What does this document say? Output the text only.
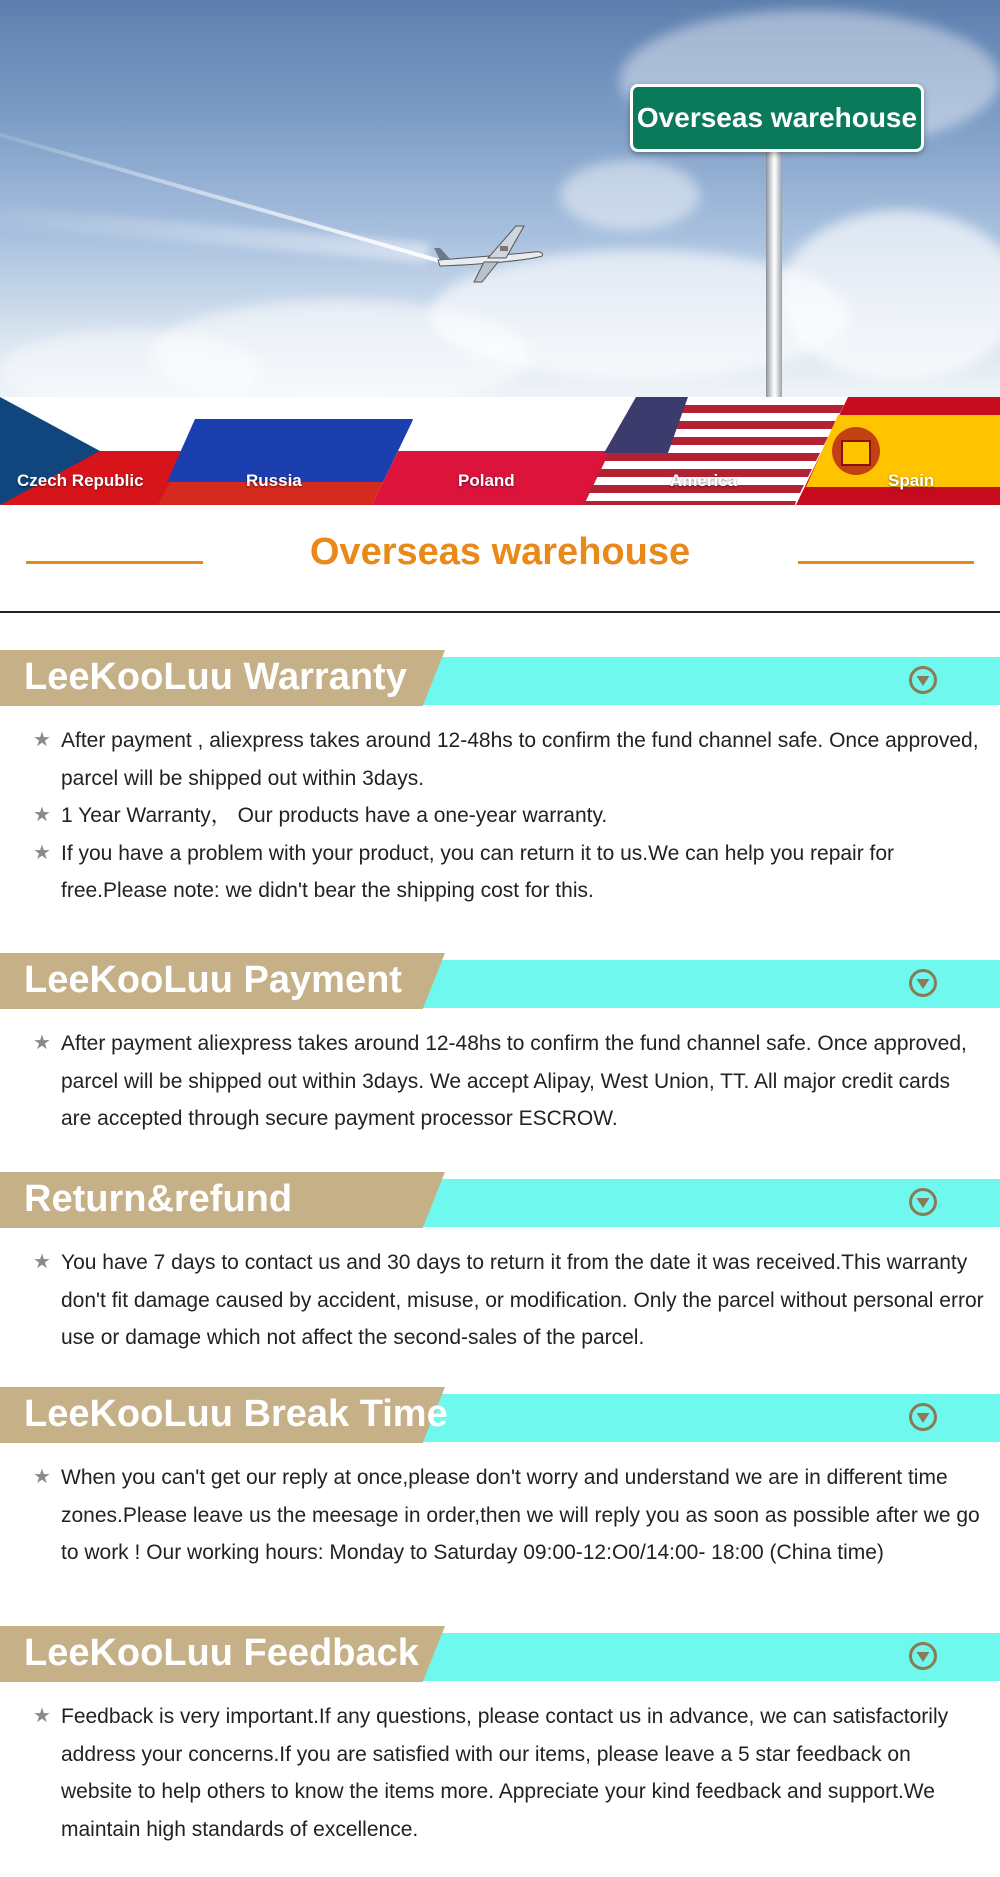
Overseas warehouse
Czech Republic	Russia	Poland	America	Spain
Overseas warehouse
LeeKooLuu Warranty
★ After payment , aliexpress takes around 12-48hs to confirm the fund channel safe. Once approved, parcel will be shipped out within 3days.
★ 1 Year Warranty， Our products have a one-year warranty.
★ If you have a problem with your product, you can return it to us.We can help you repair for free.Please note: we didn't bear the shipping cost for this.
LeeKooLuu Payment
★ After payment aliexpress takes around 12-48hs to confirm the fund channel safe. Once approved, parcel will be shipped out within 3days. We accept Alipay, West Union, TT. All major credit cards are accepted through secure payment processor ESCROW.
Return&refund
★ You have 7 days to contact us and 30 days to return it from the date it was received.This warranty don't fit damage caused by accident, misuse, or modification. Only the parcel without personal error use or damage which not affect the second-sales of the parcel.
LeeKooLuu Break Time
★ When you can't get our reply at once,please don't worry and understand we are in different time zones.Please leave us the meesage in order,then we will reply you as soon as possible after we go to work ! Our working hours: Monday to Saturday 09:00-12:O0/14:00- 18:00 (China time)
LeeKooLuu Feedback
★ Feedback is very important.If any questions, please contact us in advance, we can satisfactorily address your concerns.If you are satisfied with our items, please leave a 5 star feedback on website to help others to know the items more. Appreciate your kind feedback and support.We maintain high standards of excellence.
